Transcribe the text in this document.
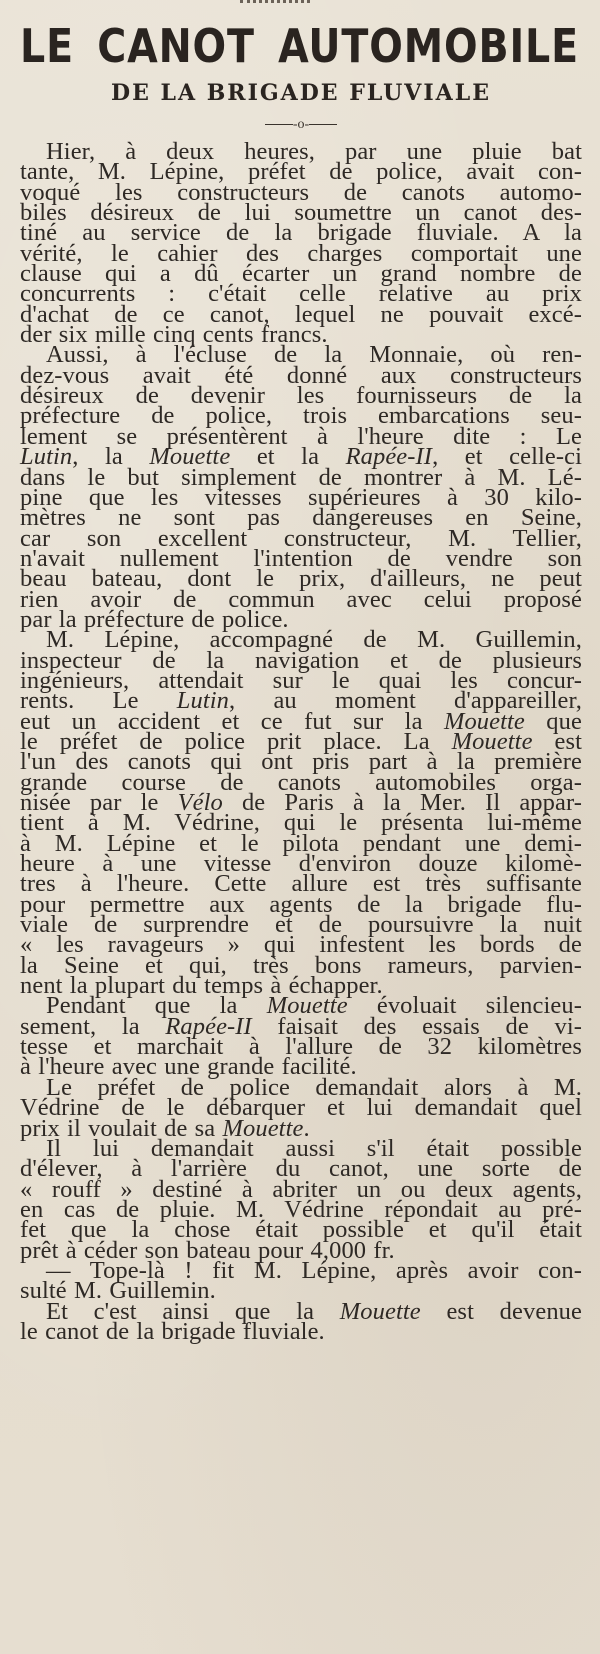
LE CANOT AUTOMOBILE
DE LA BRIGADE FLUVIALE
-o-
Hier, à deux heures, par une pluie bat
tante, M. Lépine, préfet de police, avait con-
voqué les constructeurs de canots automo-
biles désireux de lui soumettre un canot des-
tiné au service de la brigade fluviale. A la
vérité, le cahier des charges comportait une
clause qui a dû écarter un grand nombre de
concurrents : c'était celle relative au prix
d'achat de ce canot, lequel ne pouvait excé-
der six mille cinq cents francs.
Aussi, à l'écluse de la Monnaie, où ren-
dez-vous avait été donné aux constructeurs
désireux de devenir les fournisseurs de la
préfecture de police, trois embarcations seu-
lement se présentèrent à l'heure dite : Le
Lutin, la Mouette et la Rapée-II, et celle-ci
dans le but simplement de montrer à M. Lé-
pine que les vitesses supérieures à 30 kilo-
mètres ne sont pas dangereuses en Seine,
car son excellent constructeur, M. Tellier,
n'avait nullement l'intention de vendre son
beau bateau, dont le prix, d'ailleurs, ne peut
rien avoir de commun avec celui proposé
par la préfecture de police.
M. Lépine, accompagné de M. Guillemin,
inspecteur de la navigation et de plusieurs
ingénieurs, attendait sur le quai les concur-
rents. Le Lutin, au moment d'appareiller,
eut un accident et ce fut sur la Mouette que
le préfet de police prit place. La Mouette est
l'un des canots qui ont pris part à la première
grande course de canots automobiles orga-
nisée par le Vélo de Paris à la Mer. Il appar-
tient à M. Védrine, qui le présenta lui-même
à M. Lépine et le pilota pendant une demi-
heure à une vitesse d'environ douze kilomè-
tres à l'heure. Cette allure est très suffisante
pour permettre aux agents de la brigade flu-
viale de surprendre et de poursuivre la nuit
« les ravageurs » qui infestent les bords de
la Seine et qui, très bons rameurs, parvien-
nent la plupart du temps à échapper.
Pendant que la Mouette évoluait silencieu-
sement, la Rapée-II faisait des essais de vi-
tesse et marchait à l'allure de 32 kilomètres
à l'heure avec une grande facilité.
Le préfet de police demandait alors à M.
Védrine de le débarquer et lui demandait quel
prix il voulait de sa Mouette.
Il lui demandait aussi s'il était possible
d'élever, à l'arrière du canot, une sorte de
« rouff » destiné à abriter un ou deux agents,
en cas de pluie. M. Védrine répondait au pré-
fet que la chose était possible et qu'il était
prêt à céder son bateau pour 4,000 fr.
— Tope-là ! fit M. Lépine, après avoir con-
sulté M. Guillemin.
Et c'est ainsi que la Mouette est devenue
le canot de la brigade fluviale.
